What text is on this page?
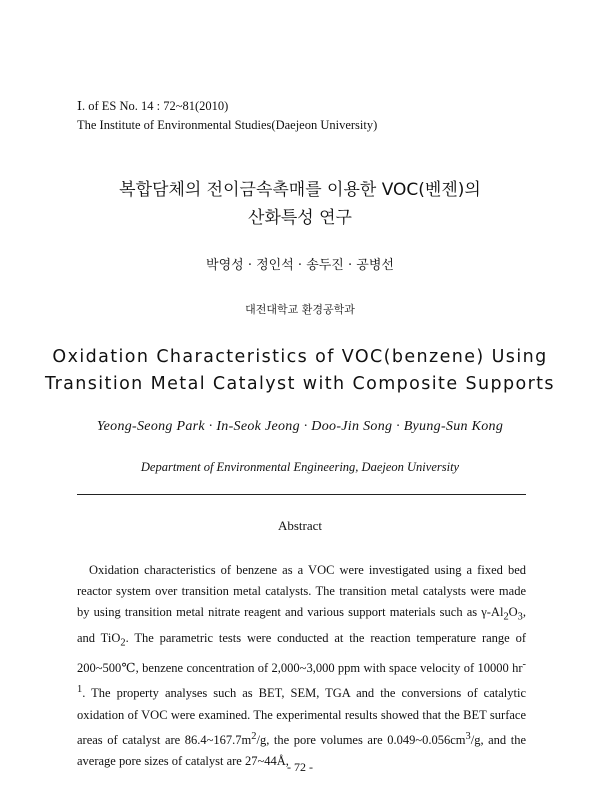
Ⅰ. of ES No. 14 : 72~81(2010)
The Institute of Environmental Studies(Daejeon University)
복합담체의 전이금속촉매를 이용한 VOC(벤젠)의
산화특성 연구
박영성 · 정인석 · 송두진 · 공병선
대전대학교 환경공학과
Oxidation Characteristics of VOC(benzene) Using
Transition Metal Catalyst with Composite Supports
Yeong-Seong Park · In-Seok Jeong · Doo-Jin Song · Byung-Sun Kong
Department of Environmental Engineering, Daejeon University
Abstract

Oxidation characteristics of benzene as a VOC were investigated using a fixed bed reactor system over transition metal catalysts. The transition metal catalysts were made by using transition metal nitrate reagent and various support materials such as $\gamma-Al_2O_3$, and TiO$_2$. The parametric tests were conducted at the reaction temperature range of 200~500℃, benzene concentration of 2,000~3,000 ppm with space velocity of 10000 $hr^{-1}$. The property analyses such as BET, SEM, TGA and the conversions of catalytic oxidation of VOC were examined. The experimental results showed that the BET surface areas of catalyst are $86.4\sim 167.7m^2/g$, the pore volumes are $0.049\sim 0.056cm^3/g$, and the average pore sizes of catalyst are 27~44Å,

- 72 -
